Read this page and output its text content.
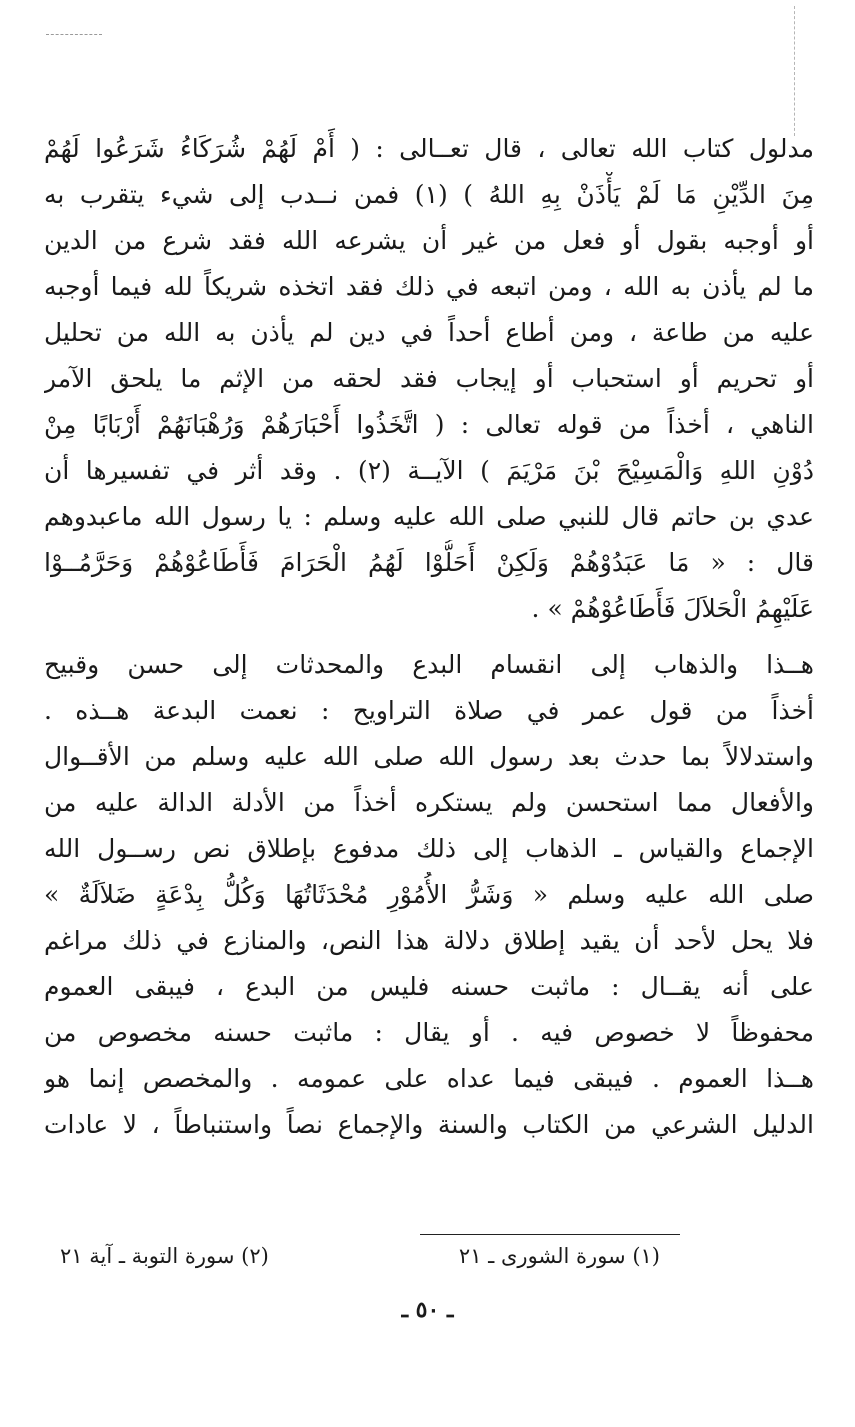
مدلول كتاب الله تعالى ، قال تعــالى : ( أَمْ لَهُمْ شُرَكَاءُ شَرَعُوا لَهُمْ
مِنَ الدِّيْنِ مَا لَمْ يَأْذَنْ بِهِ اللهُ ) (١) فمن نــدب إلى شيء يتقرب به
أو أوجبه بقول أو فعل من غير أن يشرعه الله فقد شرع من الدين
ما لم يأذن به الله ، ومن اتبعه في ذلك فقد اتخذه شريكاً لله فيما أوجبه
عليه من طاعة ، ومن أطاع أحداً في دين لم يأذن به الله من تحليل
أو تحريم أو استحباب أو إيجاب فقد لحقه من الإثم ما يلحق الآمر
الناهي ، أخذاً من قوله تعالى : ( اتَّخَذُوا أَحْبَارَهُمْ وَرُهْبَانَهُمْ أَرْبَابًا مِنْ
دُوْنِ اللهِ وَالْمَسِيْحَ بْنَ مَرْيَمَ ) الآيــة (٢) . وقد أثر في تفسيرها أن
عدي بن حاتم قال للنبي صلى الله عليه وسلم : يا رسول الله ماعبدوهم
قال : « مَا عَبَدُوْهُمْ وَلَكِنْ أَحَلُّوْا لَهُمُ الْحَرَامَ فَأَطَاعُوْهُمْ وَحَرَّمُــوْا
عَلَيْهِمُ الْحَلاَلَ فَأَطَاعُوْهُمْ » .
هــذا والذهاب إلى انقسام البدع والمحدثات إلى حسن وقبيح
أخذاً من قول عمر في صلاة التراويح : نعمت البدعة هــذه .
واستدلالاً بما حدث بعد رسول الله صلى الله عليه وسلم من الأقــوال
والأفعال مما استحسن ولم يستكره أخذاً من الأدلة الدالة عليه من
الإجماع والقياس ـ الذهاب إلى ذلك مدفوع بإطلاق نص رســول الله
صلى الله عليه وسلم « وَشَرُّ الأُمُوْرِ مُحْدَثَاتُهَا وَكُلُّ بِدْعَةٍ ضَلاَلَةٌ »
فلا يحل لأحد أن يقيد إطلاق دلالة هذا النص، والمنازع في ذلك مراغم
على أنه يقــال : ماثبت حسنه فليس من البدع ، فيبقى العموم
محفوظاً لا خصوص فيه . أو يقال : ماثبت حسنه مخصوص من
هــذا العموم . فيبقى فيما عداه على عمومه . والمخصص إنما هو
الدليل الشرعي من الكتاب والسنة والإجماع نصاً واستنباطاً ، لا عادات
(١) سورة الشورى ـ ٢١
(٢) سورة التوبة ـ آية ٢١
ـ ٥٠ ـ
